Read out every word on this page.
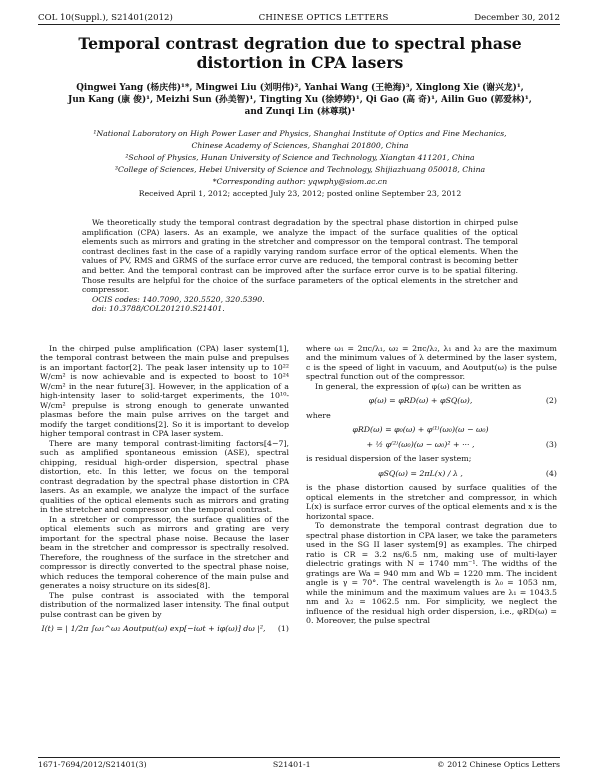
COL 10(Suppl.), S21401(2012)	CHINESE OPTICS LETTERS	December 30, 2012
Temporal contrast degration due to spectral phase
distortion in CPA lasers
Qingwei Yang (杨庆伟)¹*, Mingwei Liu (刘明伟)², Yanhai Wang (王艳海)³, Xinglong Xie (谢兴龙)¹,
Jun Kang (康 俊)¹, Meizhi Sun (孙美智)¹, Tingting Xu (徐婷婷)¹, Qi Gao (高 奇)¹, Ailin Guo (郭爱林)¹,
and Zunqi Lin (林尊琪)¹
¹National Laboratory on High Power Laser and Physics, Shanghai Institute of Optics and Fine Mechanics,
Chinese Academy of Sciences, Shanghai 201800, China
²School of Physics, Hunan University of Science and Technology, Xiangtan 411201, China
³College of Sciences, Hebei University of Science and Technology, Shijiazhuang 050018, China
*Corresponding author: yqwphy@siom.ac.cn
Received April 1, 2012; accepted July 23, 2012; posted online September 23, 2012
We theoretically study the temporal contrast degradation by the spectral phase distortion in chirped pulse amplification (CPA) lasers. As an example, we analyze the impact of the surface qualities of the optical elements such as mirrors and grating in the stretcher and compressor on the temporal contrast. The temporal contrast declines fast in the case of a rapidly varying random surface error of the optical elements. When the values of PV, RMS and GRMS of the surface error curve are reduced, the temporal contrast is becoming better and better. And the temporal contrast can be improved after the surface error curve is to be spatial filtering. Those results are helpful for the choice of the surface parameters of the optical elements in the stretcher and compressor.
OCIS codes: 140.7090, 320.5520, 320.5390.
doi: 10.3788/COL201210.S21401.

In the chirped pulse amplification (CPA) laser system[1], the temporal contrast between the main pulse and prepulses is an important factor[2]. The peak laser intensity up to 10²² W/cm² is now achievable and is expected to boost to 10²⁴ W/cm² in the near future[3]. However, in the application of a high-intensity laser to solid-target experiments, the 10¹⁰-W/cm² prepulse is strong enough to generate unwanted plasmas before the main pulse arrives on the target and modify the target conditions[2]. So it is important to develop higher temporal contrast in CPA laser system.

There are many temporal contrast-limiting factors[4−7], such as amplified spontaneous emission (ASE), spectral chipping, residual high-order dispersion, spectral phase distortion, etc. In this letter, we focus on the temporal contrast degradation by the spectral phase distortion in CPA lasers. As an example, we analyze the impact of the surface qualities of the optical elements such as mirrors and grating in the stretcher and compressor on the temporal contrast.

In a stretcher or compressor, the surface qualities of the optical elements such as mirrors and grating are very important for the spectral phase noise. Because the laser beam in the stretcher and compressor is spectrally resolved. Therefore, the roughness of the surface in the stretcher and compressor is directly converted to the spectral phase noise, which reduces the temporal coherence of the main pulse and generates a noisy structure on its sides[8].

The pulse contrast is associated with the temporal distribution of the normalized laser intensity. The final output pulse contrast can be given by

I(t) = | 1/2π ∫ω₁^ω₂ Aoutput(ω) exp[−iωt + iφ(ω)] dω |²,	(1)

where ω₁ = 2πc/λ₁, ω₂ = 2πc/λ₂, λ₁ and λ₂ are the maximum and the minimum values of λ determined by the laser system, c is the speed of light in vacuum, and Aoutput(ω) is the pulse spectral function out of the compressor.

In general, the expression of φ(ω) can be written as

φ(ω) = φRD(ω) + φSQ(ω),	(2)

where

φRD(ω) = φ₀(ω) + φ⁽¹⁾(ω₀)(ω − ω₀)
+ ½ φ⁽²⁾(ω₀)(ω − ω₀)² + ··· ,	(3)

is residual dispersion of the laser system;

φSQ(ω) = 2πL(x) / λ ,	(4)

is the phase distortion caused by surface qualities of the optical elements in the stretcher and compressor, in which L(x) is surface error curves of the optical elements and x is the horizontal space.

To demonstrate the temporal contrast degration due to spectral phase distortion in CPA laser, we take the parameters used in the SG II laser system[9] as examples. The chirped ratio is CR = 3.2 ns/6.5 nm, making use of multi-layer dielectric gratings with N = 1740 mm⁻¹. The widths of the gratings are Wa = 940 mm and Wb = 1220 mm. The incident angle is γ = 70°. The central wavelength is λ₀ = 1053 nm, while the minimum and the maximum values are λ₁ = 1043.5 nm and λ₂ = 1062.5 nm. For simplicity, we neglect the influence of the residual high order dispersion, i.e., φRD(ω) = 0. Moreover, the pulse spectral

1671-7694/2012/S21401(3)	S21401-1	© 2012 Chinese Optics Letters
